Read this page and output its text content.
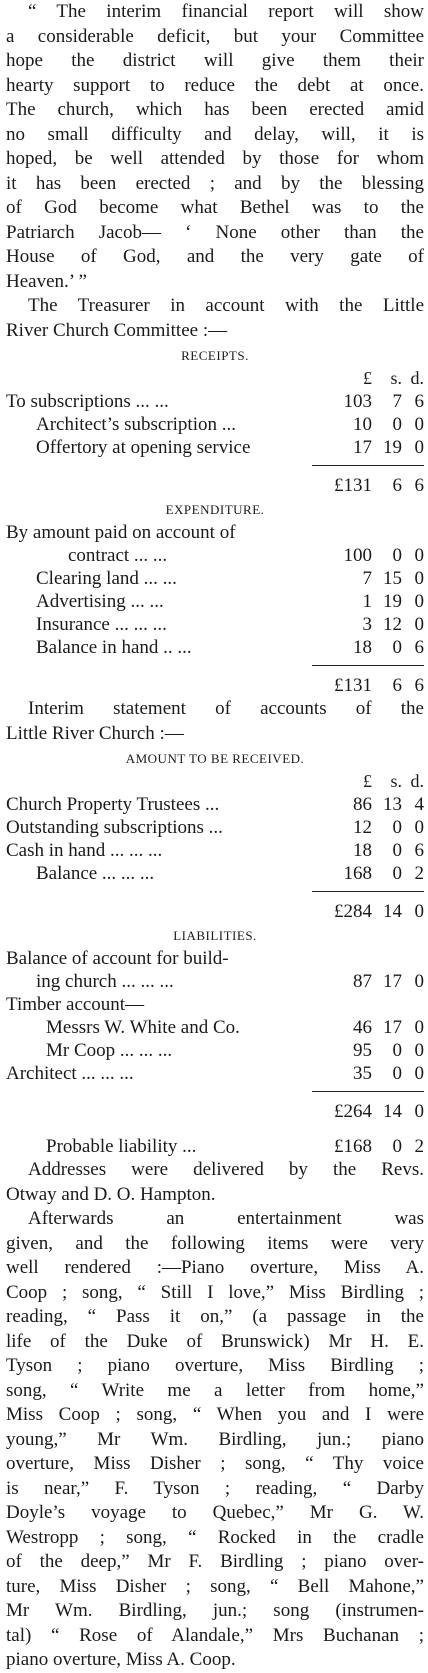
“ The interim financial report will show
a considerable deficit, but your Committee
hope the district will give them their
hearty support to reduce the debt at once.
The church, which has been erected amid
no small difficulty and delay, will, it is
hoped, be well attended by those for whom
it has been erected ; and by the blessing
of God become what Bethel was to the
Patriarch Jacob— ‘ None other than the
House of God, and the very gate of
Heaven.’ ”

The Treasurer in account with the Little
River Church Committee :—

RECEIPTS.
	£	s.	d.
To subscriptions ... ...	103	7	6
Architect’s subscription ...	10	0	0
Offertory at opening service	17	19	0
	£131	6	6
EXPENDITURE.
By amount paid on account of			
contract ... ...	100	0	0
Clearing land ... ...	7	15	0
Advertising ... ...	1	19	0
Insurance ... ... ...	3	12	0
Balance in hand .. ...	18	0	6
	£131	6	6

Interim statement of accounts of the
Little River Church :—

AMOUNT TO BE RECEIVED.
	£	s.	d.
Church Property Trustees ...	86	13	4
Outstanding subscriptions ...	12	0	0
Cash in hand ... ... ...	18	0	6
Balance ... ... ...	168	0	2
	£284	14	0
LIABILITIES.
Balance of account for build-			
ing church ... ... ...	87	17	0
Timber account—			
Messrs W. White and Co.	46	17	0
Mr Coop ... ... ...	95	0	0
Architect ... ... ...	35	0	0
	£264	14	0
Probable liability ...	£168	0	2

Addresses were delivered by the Revs.
Otway and D. O. Hampton.

Afterwards an entertainment was
given, and the following items were very
well rendered :—Piano overture, Miss A.
Coop ; song, “ Still I love,” Miss Birdling ;
reading, “ Pass it on,” (a passage in the
life of the Duke of Brunswick) Mr H. E.
Tyson ; piano overture, Miss Birdling ;
song, “ Write me a letter from home,”
Miss Coop ; song, “ When you and I were
young,” Mr Wm. Birdling, jun.; piano
overture, Miss Disher ; song, “ Thy voice
is near,” F. Tyson ; reading, “ Darby
Doyle’s voyage to Quebec,” Mr G. W.
Westropp ; song, “ Rocked in the cradle
of the deep,” Mr F. Birdling ; piano over-
ture, Miss Disher ; song, “ Bell Mahone,”
Mr Wm. Birdling, jun.; song (instrumen-
tal) “ Rose of Alandale,” Mrs Buchanan ;
piano overture, Miss A. Coop.
